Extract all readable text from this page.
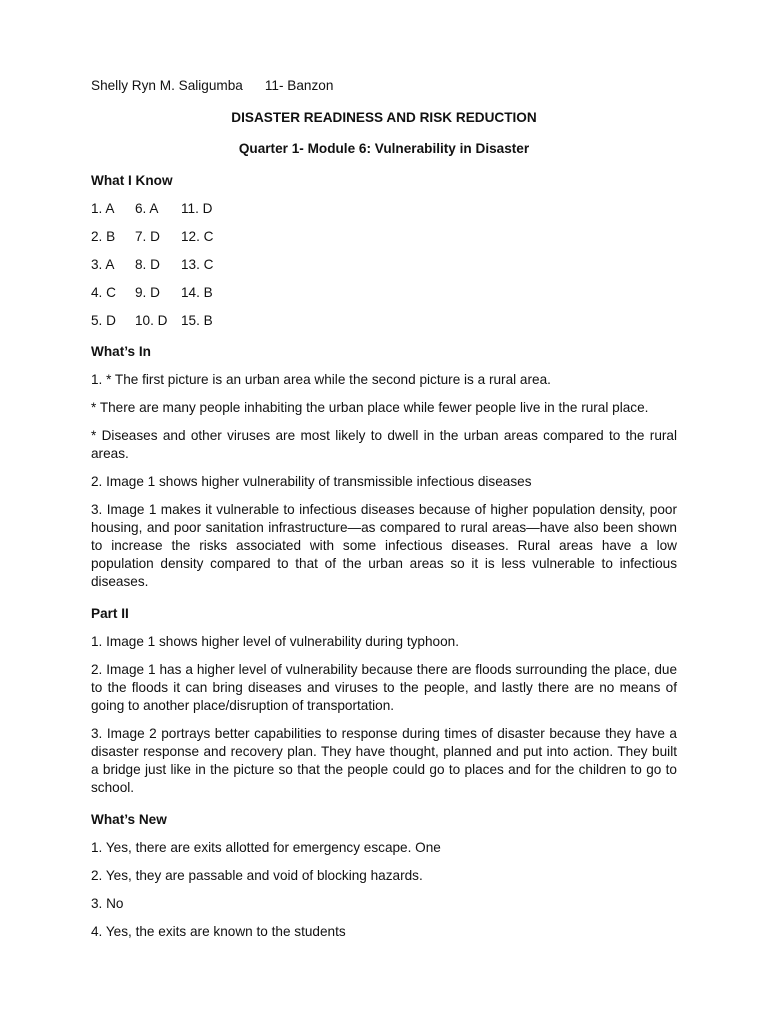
Shelly Ryn M. Saligumba 11- Banzon

DISASTER READINESS AND RISK REDUCTION

Quarter 1- Module 6: Vulnerability in Disaster

What I Know

1. A 6. A 11. D
2. B 7. D 12. C
3. A 8. D 13. C
4. C 9. D 14. B
5. D 10. D 15. B

What’s In

1. * The first picture is an urban area while the second picture is a rural area.

* There are many people inhabiting the urban place while fewer people live in the rural place.

* Diseases and other viruses are most likely to dwell in the urban areas compared to the rural areas.

2. Image 1 shows higher vulnerability of transmissible infectious diseases

3. Image 1 makes it vulnerable to infectious diseases because of higher population density, poor housing, and poor sanitation infrastructure—as compared to rural areas—have also been shown to increase the risks associated with some infectious diseases. Rural areas have a low population density compared to that of the urban areas so it is less vulnerable to infectious diseases.

Part II

1. Image 1 shows higher level of vulnerability during typhoon.

2. Image 1 has a higher level of vulnerability because there are floods surrounding the place, due to the floods it can bring diseases and viruses to the people, and lastly there are no means of going to another place/disruption of transportation.

3. Image 2 portrays better capabilities to response during times of disaster because they have a disaster response and recovery plan. They have thought, planned and put into action. They built a bridge just like in the picture so that the people could go to places and for the children to go to school.

What’s New

1. Yes, there are exits allotted for emergency escape. One

2. Yes, they are passable and void of blocking hazards.

3. No

4. Yes, the exits are known to the students
